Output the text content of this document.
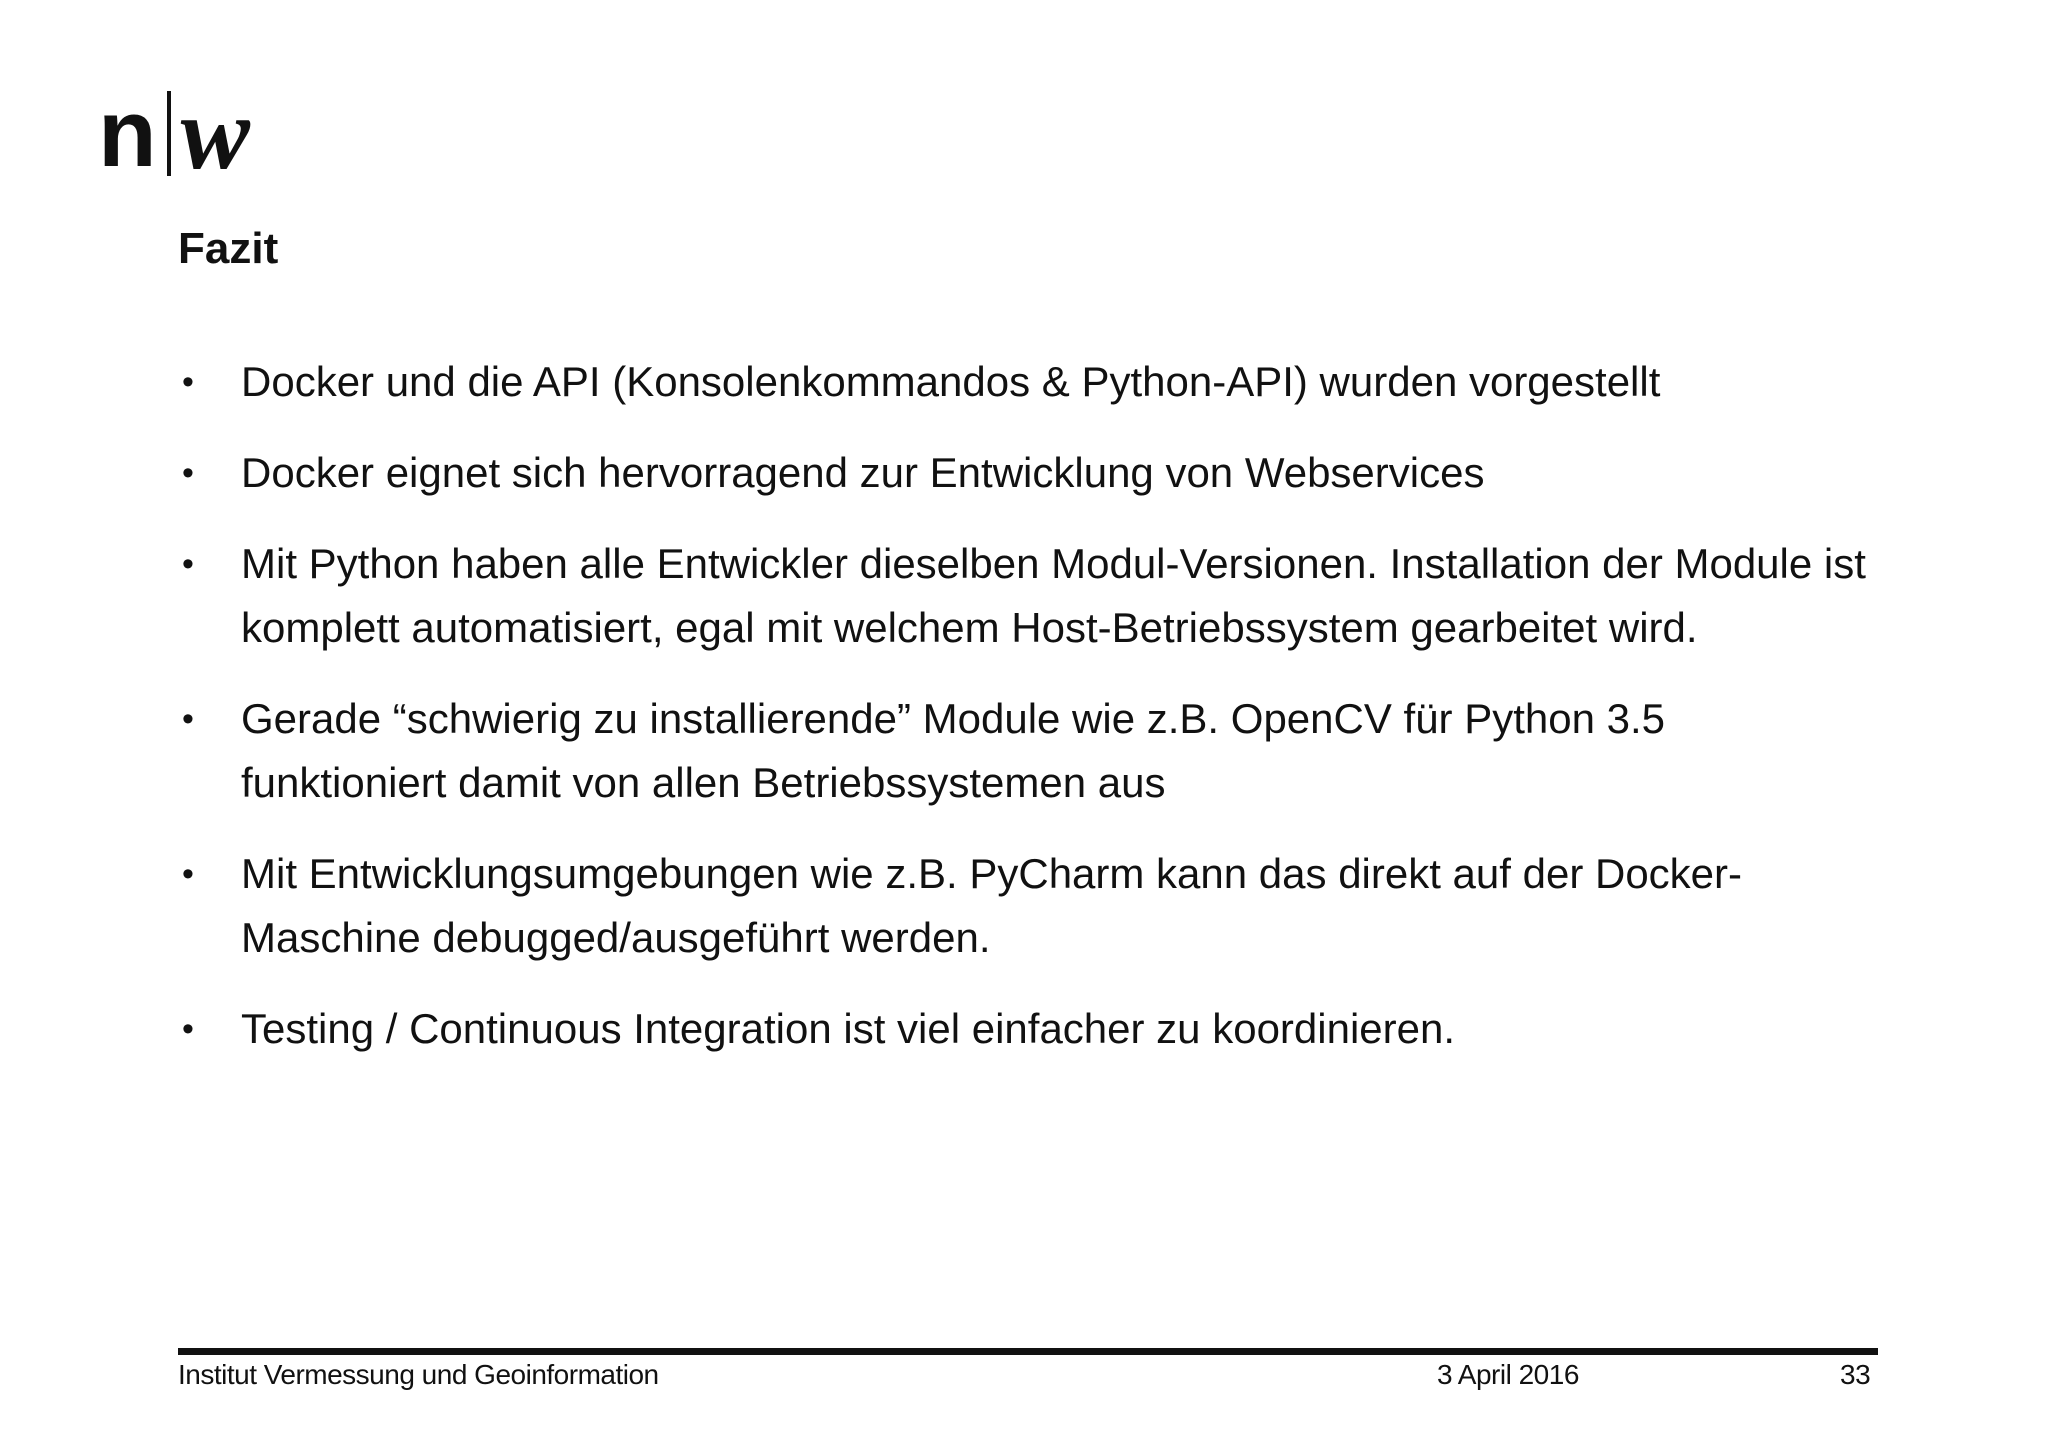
n w
Fazit
• Docker und die API (Konsolenkommandos & Python-API) wurden vorgestellt
• Docker eignet sich hervorragend zur Entwicklung von Webservices
• Mit Python haben alle Entwickler dieselben Modul-Versionen. Installation der Module ist komplett automatisiert, egal mit welchem Host-Betriebssystem gearbeitet wird.
• Gerade “schwierig zu installierende” Module wie z.B. OpenCV für Python 3.5 funktioniert damit von allen Betriebssystemen aus
• Mit Entwicklungsumgebungen wie z.B. PyCharm kann das direkt auf der Docker-Maschine debugged/ausgeführt werden.
• Testing / Continuous Integration ist viel einfacher zu koordinieren.
Institut Vermessung und Geoinformation	3 April 2016	33
